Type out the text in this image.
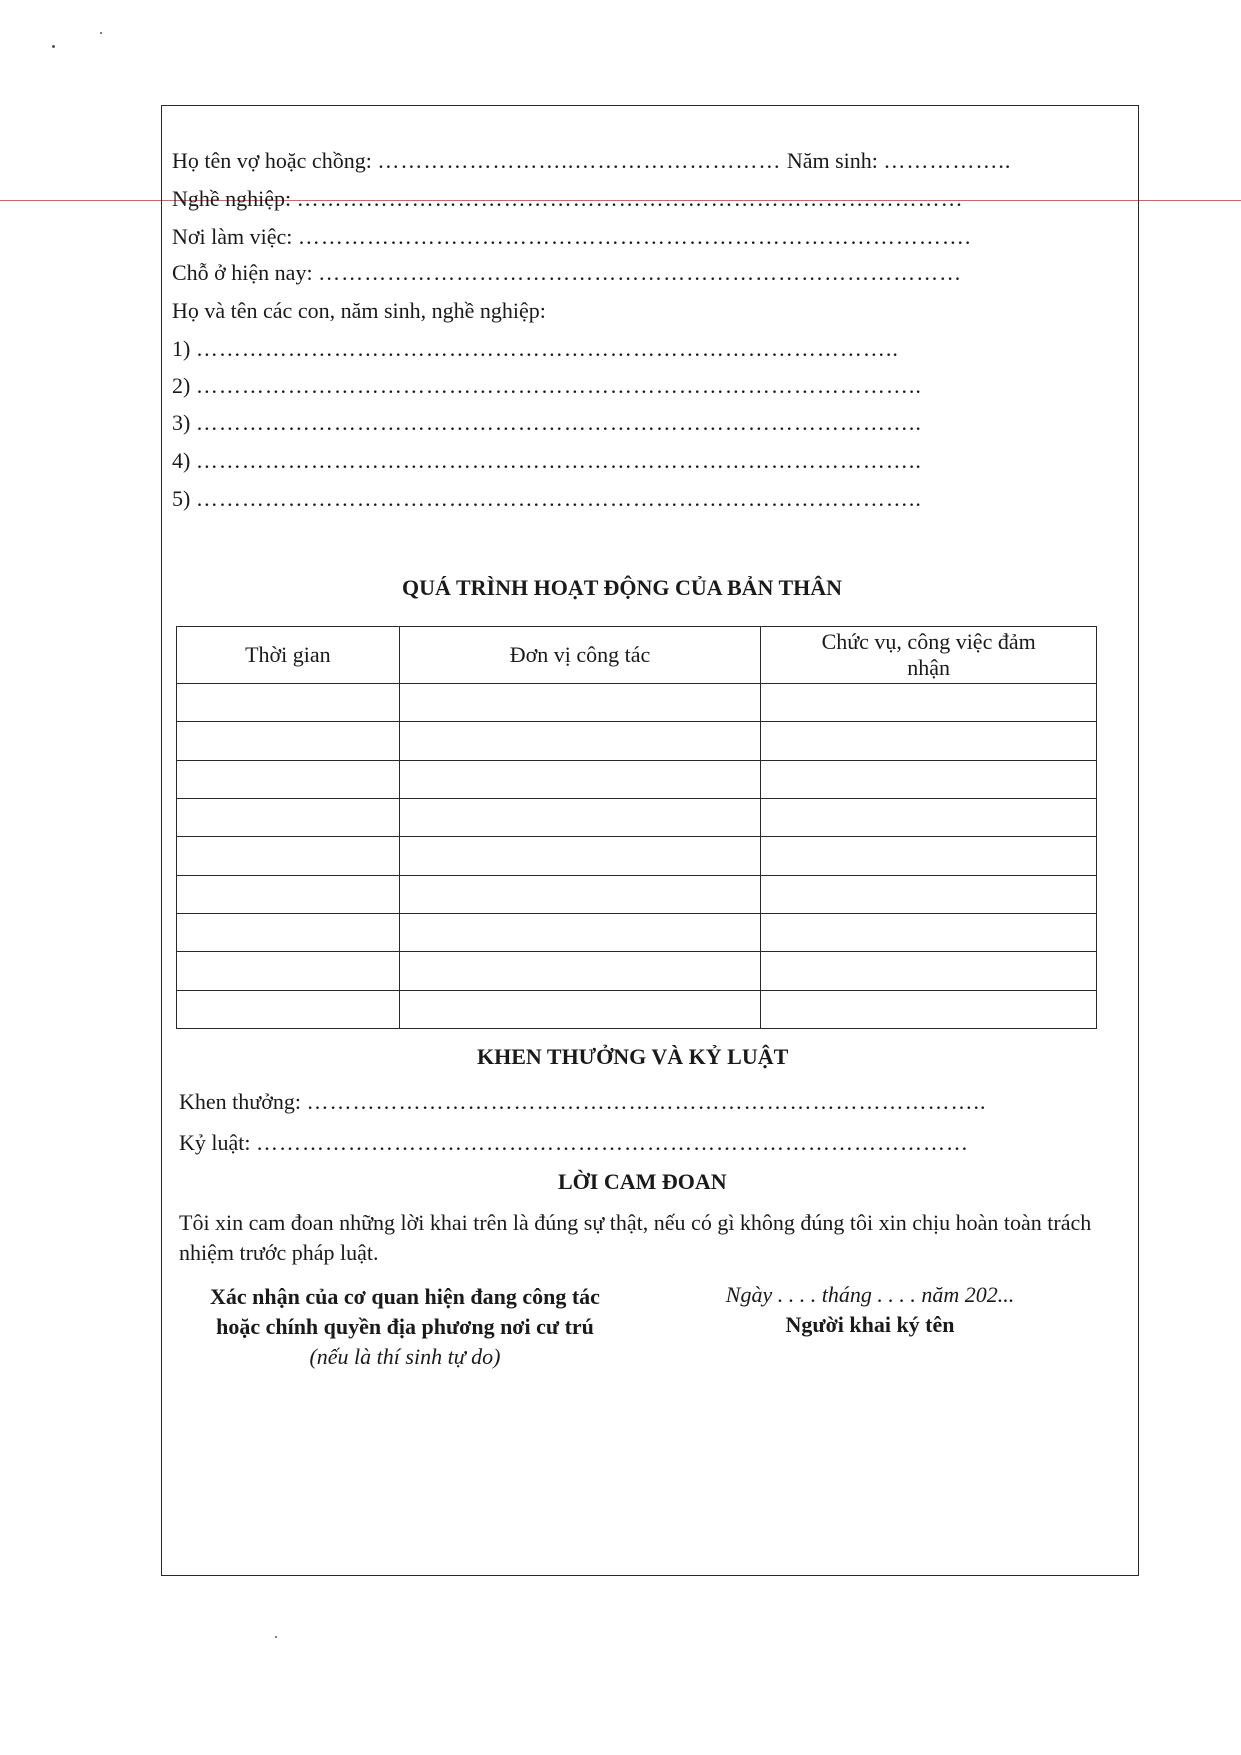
Họ tên vợ hoặc chồng: ……………………..……………………… Năm sinh: ……………..
Nghề nghiệp: ……………………………………………………………………………
Nơi làm việc: …………………………………………………………………………….
Chỗ ở hiện nay: …………………………………………………………………………
Họ và tên các con, năm sinh, nghề nghiệp:
1) ………………………………………………………………………………..
2) …………………………………………………………………………………..
3) …………………………………………………………………………………..
4) …………………………………………………………………………………..
5) …………………………………………………………………………………..
QUÁ TRÌNH HOẠT ĐỘNG CỦA BẢN THÂN
Thời gian	Đơn vị công tác	Chức vụ, công việc đảm nhận

KHEN THƯỞNG VÀ KỶ LUẬT
Khen thưởng: ……………………………………………………………………………..
Kỷ luật: …………………………………………………………………………………
LỜI CAM ĐOAN
Tôi xin cam đoan những lời khai trên là đúng sự thật, nếu có gì không đúng tôi xin chịu hoàn toàn trách nhiệm trước pháp luật.
Xác nhận của cơ quan hiện đang công tác
hoặc chính quyền địa phương nơi cư trú
(nếu là thí sinh tự do)
Ngày . . . . tháng . . . . năm 202...
Người khai ký tên
